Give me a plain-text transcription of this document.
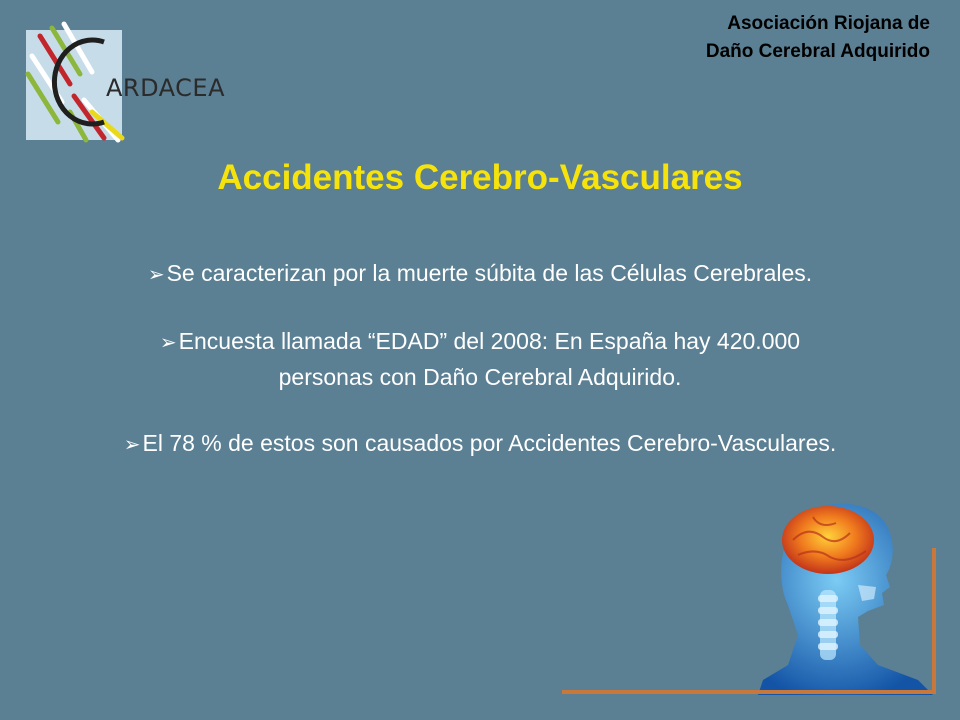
ARDACEA
Asociación Riojana de
Daño Cerebral Adquirido
Accidentes Cerebro-Vasculares
➢Se caracterizan por la muerte súbita de las Células Cerebrales.
➢Encuesta llamada “EDAD” del 2008: En España hay 420.000
personas con Daño Cerebral Adquirido.
➢El 78 % de estos son causados por Accidentes Cerebro-Vasculares.
